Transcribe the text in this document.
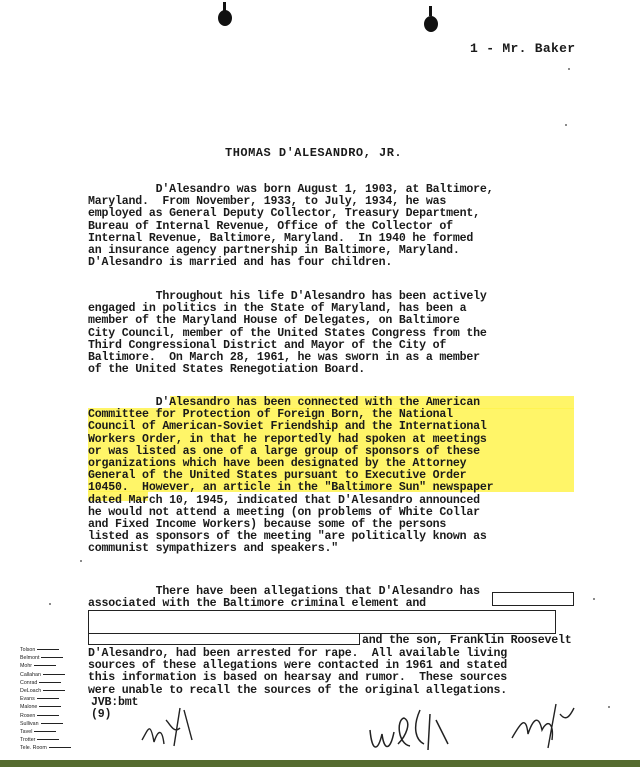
1 - Mr. Baker
THOMAS D'ALESANDRO, JR.
D'Alesandro was born August 1, 1903, at Baltimore,
Maryland.  From November, 1933, to July, 1934, he was
employed as General Deputy Collector, Treasury Department,
Bureau of Internal Revenue, Office of the Collector of
Internal Revenue, Baltimore, Maryland.  In 1940 he formed
an insurance agency partnership in Baltimore, Maryland.
D'Alesandro is married and has four children.
Throughout his life D'Alesandro has been actively
engaged in politics in the State of Maryland, has been a
member of the Maryland House of Delegates, on Baltimore
City Council, member of the United States Congress from the
Third Congressional District and Mayor of the City of
Baltimore.  On March 28, 1961, he was sworn in as a member
of the United States Renegotiation Board.
D'Alesandro has been connected with the American
Committee for Protection of Foreign Born, the National
Council of American-Soviet Friendship and the International
Workers Order, in that he reportedly had spoken at meetings
or was listed as one of a large group of sponsors of these
organizations which have been designated by the Attorney
General of the United States pursuant to Executive Order
10450.  However, an article in the "Baltimore Sun" newspaper
dated March 10, 1945, indicated that D'Alesandro announced
he would not attend a meeting (on problems of White Collar
and Fixed Income Workers) because some of the persons
listed as sponsors of the meeting "are politically known as
communist sympathizers and speakers."
There have been allegations that D'Alesandro has
associated with the Baltimore criminal element and
and the son, Franklin Roosevelt
D'Alesandro, had been arrested for rape.  All available living
sources of these allegations were contacted in 1961 and stated
this information is based on hearsay and rumor.  These sources
were unable to recall the sources of the original allegations.
JVB:bmt
(9)
Tolson
Belmont
Mohr
Callahan
Conrad
DeLoach
Evans
Malone
Rosen
Sullivan
Tavel
Trotter
Tele. Room
